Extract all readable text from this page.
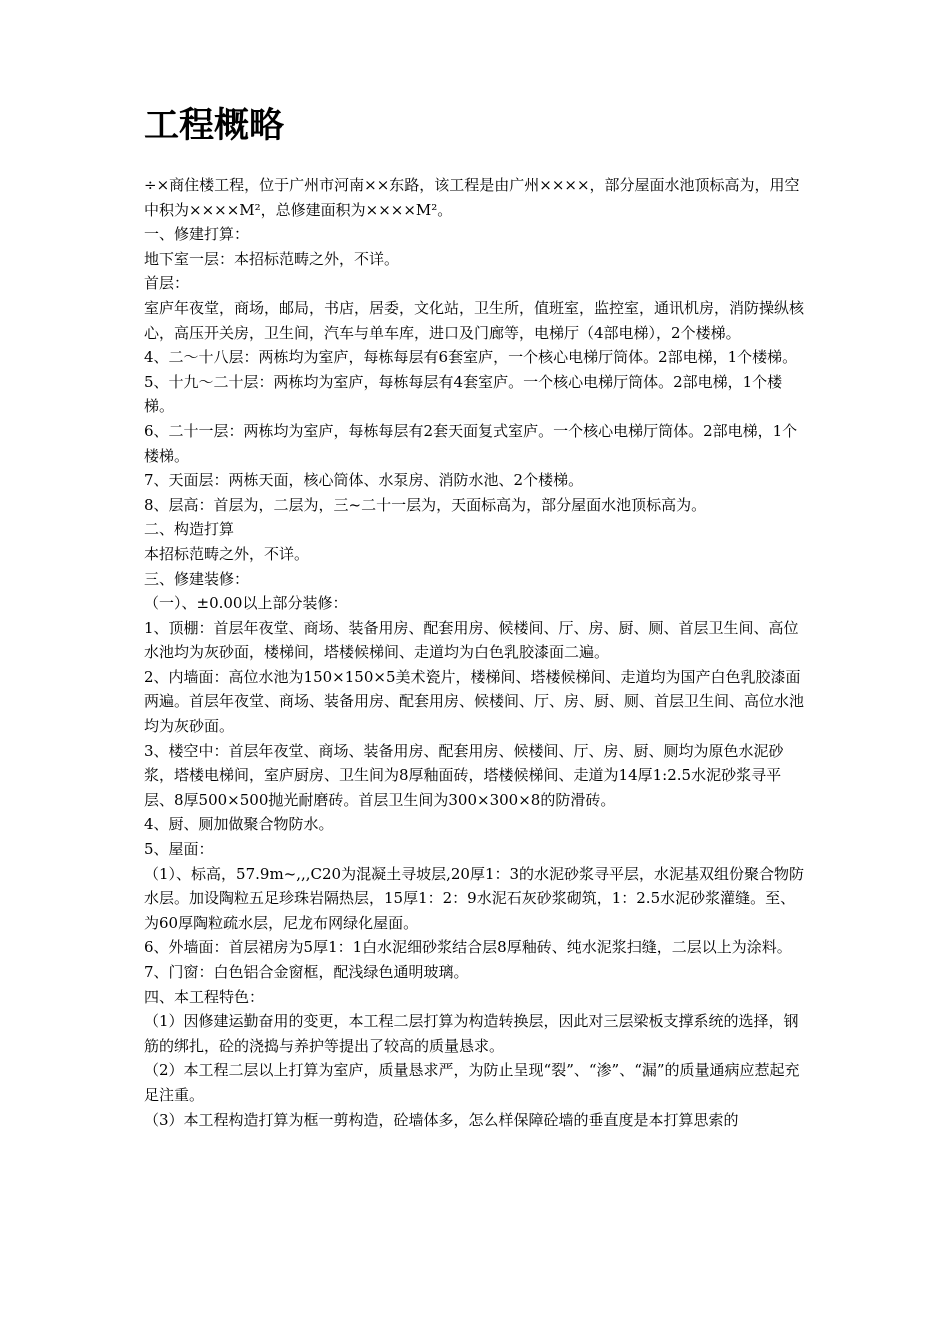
工程概略

÷×商住楼工程，位于广州市河南××东路，该工程是由广州××××，部分屋面水池顶标高为，用空中积为××××M²，总修建面积为××××M²。

一、修建打算：

地下室一层：本招标范畴之外，不详。

首层：

室庐年夜堂，商场，邮局，书店，居委，文化站，卫生所，值班室，监控室，通讯机房，消防操纵核心，高压开关房，卫生间，汽车与单车库，进口及门廊等，电梯厅（4部电梯），2个楼梯。

4、二～十八层：两栋均为室庐，每栋每层有6套室庐，一个核心电梯厅筒体。2部电梯，1个楼梯。

5、十九～二十层：两栋均为室庐，每栋每层有4套室庐。一个核心电梯厅筒体。2部电梯，1个楼梯。

6、二十一层：两栋均为室庐，每栋每层有2套天面复式室庐。一个核心电梯厅筒体。2部电梯，1个楼梯。

7、天面层：两栋天面，核心筒体、水泵房、消防水池、2个楼梯。

8、层高：首层为，二层为，三~二十一层为，天面标高为，部分屋面水池顶标高为。

二、构造打算

本招标范畴之外，不详。

三、修建装修：

（一）、±0.00以上部分装修：

1、顶棚：首层年夜堂、商场、装备用房、配套用房、候楼间、厅、房、厨、厕、首层卫生间、高位水池均为灰砂面，楼梯间，塔楼候梯间、走道均为白色乳胶漆面二遍。

2、内墙面：高位水池为150×150×5美术瓷片，楼梯间、塔楼候梯间、走道均为国产白色乳胶漆面两遍。首层年夜堂、商场、装备用房、配套用房、候楼间、厅、房、厨、厕、首层卫生间、高位水池均为灰砂面。

3、楼空中：首层年夜堂、商场、装备用房、配套用房、候楼间、厅、房、厨、厕均为原色水泥砂浆，塔楼电梯间，室庐厨房、卫生间为8厚釉面砖，塔楼候梯间、走道为14厚1:2.5水泥砂浆寻平层、8厚500×500抛光耐磨砖。首层卫生间为300×300×8的防滑砖。

4、厨、厕加做聚合物防水。

5、屋面：

（1）、标高，57.9m~,,,C20为混凝土寻坡层,20厚1：3的水泥砂浆寻平层，水泥基双组份聚合物防水层。加设陶粒五足珍珠岩隔热层，15厚1：2：9水泥石灰砂浆砌筑，1：2.5水泥砂浆灌缝。至、为60厚陶粒疏水层，尼龙布网绿化屋面。

6、外墙面：首层裙房为5厚1：1白水泥细砂浆结合层8厚釉砖、纯水泥浆扫缝，二层以上为涂料。

7、门窗：白色铝合金窗框，配浅绿色通明玻璃。

四、本工程特色：

（1）因修建运勤奋用的变更，本工程二层打算为构造转换层，因此对三层梁板支撑系统的选择，钢筋的绑扎，砼的浇捣与养护等提出了较高的质量恳求。

（2）本工程二层以上打算为室庐，质量恳求严，为防止呈现“裂”、“渗”、“漏”的质量通病应惹起充足注重。

（3）本工程构造打算为框一剪构造，砼墙体多，怎么样保障砼墙的垂直度是本打算思索的
